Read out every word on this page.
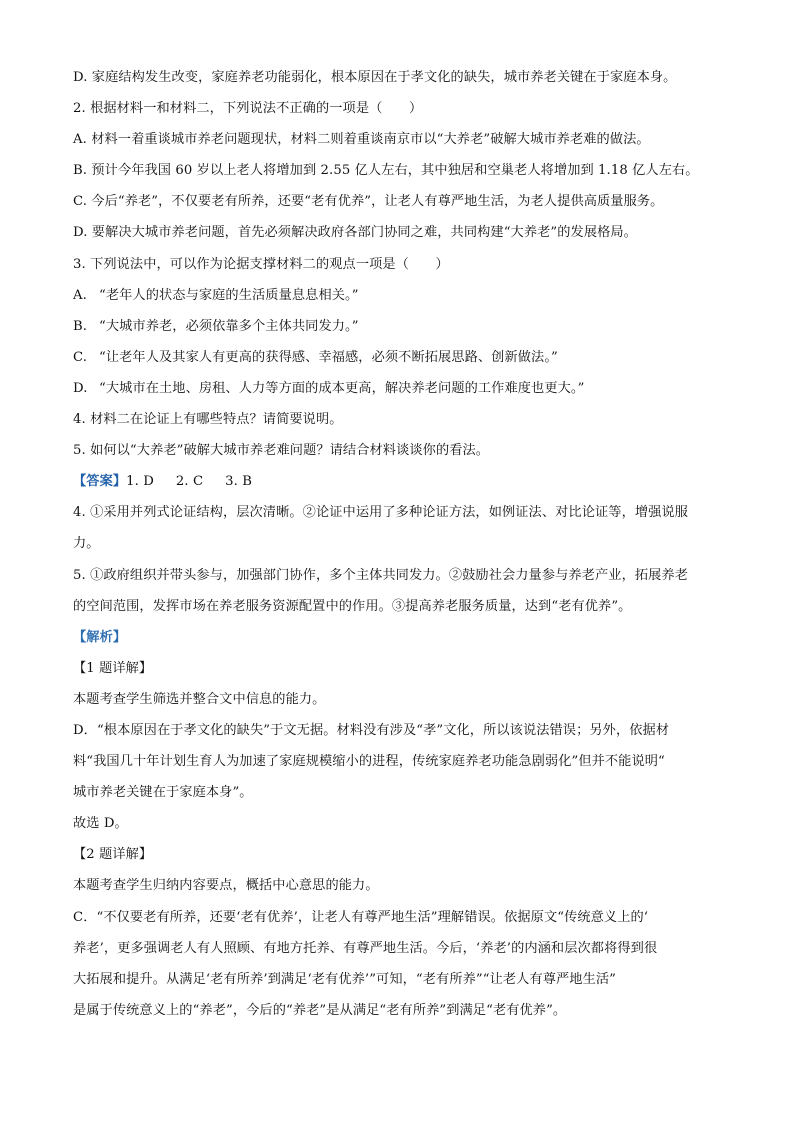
D. 家庭结构发生改变，家庭养老功能弱化，根本原因在于孝文化的缺失，城市养老关键在于家庭本身。
2. 根据材料一和材料二，下列说法不正确的一项是（　　）
A. 材料一着重谈城市养老问题现状，材料二则着重谈南京市以“大养老”破解大城市养老难的做法。
B. 预计今年我国 60 岁以上老人将增加到 2.55 亿人左右，其中独居和空巢老人将增加到 1.18 亿人左右。
C. 今后“养老”，不仅要老有所养，还要“老有优养”，让老人有尊严地生活，为老人提供高质量服务。
D. 要解决大城市养老问题，首先必须解决政府各部门协同之难，共同构建“大养老”的发展格局。
3. 下列说法中，可以作为论据支撑材料二的观点一项是（　　）
A. “老年人的状态与家庭的生活质量息息相关。”
B. “大城市养老，必须依靠多个主体共同发力。”
C. “让老年人及其家人有更高的获得感、幸福感，必须不断拓展思路、创新做法。”
D. “大城市在土地、房租、人力等方面的成本更高，解决养老问题的工作难度也更大。”
4. 材料二在论证上有哪些特点？请简要说明。
5. 如何以“大养老”破解大城市养老难问题？请结合材料谈谈你的看法。
【答案】1. D 2. C 3. B
4. ①采用并列式论证结构，层次清晰。②论证中运用了多种论证方法，如例证法、对比论证等，增强说服
力。
5. ①政府组织并带头参与，加强部门协作，多个主体共同发力。②鼓励社会力量参与养老产业，拓展养老
的空间范围，发挥市场在养老服务资源配置中的作用。③提高养老服务质量，达到“老有优养”。
【解析】
【1 题详解】
本题考查学生筛选并整合文中信息的能力。
D．“根本原因在于孝文化的缺失”于文无据。材料没有涉及“孝”文化，所以该说法错误；另外，依据材
料“我国几十年计划生育人为加速了家庭规模缩小的进程，传统家庭养老功能急剧弱化”但并不能说明“
城市养老关键在于家庭本身”。
故选 D。
【2 题详解】
本题考查学生归纳内容要点，概括中心意思的能力。
C．“不仅要老有所养，还要‘老有优养’，让老人有尊严地生活”理解错误。依据原文“传统意义上的‘
养老’，更多强调老人有人照顾、有地方托养、有尊严地生活。今后，‘养老’的内涵和层次都将得到很
大拓展和提升。从满足‘老有所养’到满足‘老有优养’”可知，“老有所养”“让老人有尊严地生活”
是属于传统意义上的“养老”，今后的“养老”是从满足“老有所养”到满足“老有优养”。
